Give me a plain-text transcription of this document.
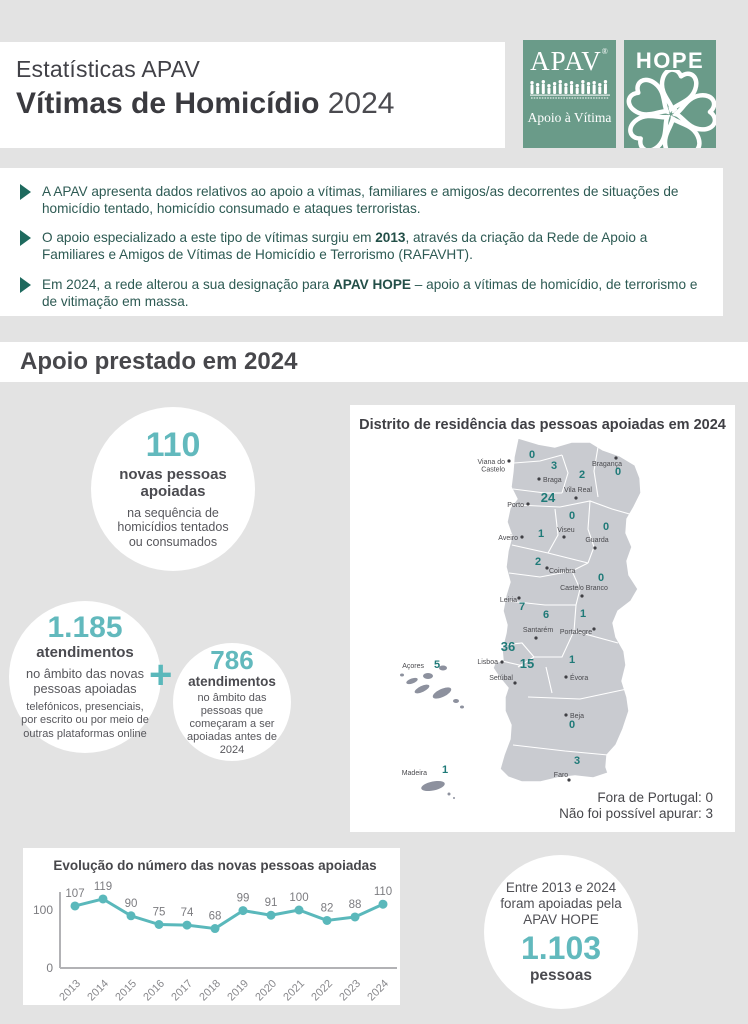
Estatísticas APAV
Vítimas de Homicídio 2024
APAV®
Apoio à Vítima
HOPE
A APAV apresenta dados relativos ao apoio a vítimas, familiares e amigos/as decorrentes de situações de homicídio tentado, homicídio consumado e ataques terroristas.
O apoio especializado a este tipo de vítimas surgiu em 2013, através da criação da Rede de Apoio a Familiares e Amigos de Vítimas de Homicídio e Terrorismo (RAFAVHT).
Em 2024, a rede alterou a sua designação para APAV HOPE – apoio a vítimas de homicídio, de terrorismo e de vitimação em massa.
Apoio prestado em 2024
110
novas pessoas apoiadas
na sequência de homicídios tentados ou consumados
1.185
atendimentos
no âmbito das novas pessoas apoiadas
telefónicos, presenciais, por escrito ou por meio de outras plataformas online
+ 786
atendimentos
no âmbito das pessoas que começaram a ser apoiadas antes de 2024
Distrito de residência das pessoas apoiadas em 2024
Viana do Castelo
0
Braga
3
Vila Real
2
Bragança
0
Porto
24
Viseu
0
Guarda
0
Aveiro 1
Coimbra
2
Castelo Branco
0
Leiria
7
Santarém
6
Portalegre
1
Lisboa
36
Setúbal
15
Évora
1
Beja
0
Faro
3
Açores 5
Madeira 1
Fora de Portugal: 0
Não foi possível apurar: 3
Evolução do número das novas pessoas apoiadas
0
100
107
2013
119
2014
90
2015
75
2016
74
2017
68
2018
99
2019
91
2020
100
2021
82
2022
88
2023
110
2024
Entre 2013 e 2024 foram apoiadas pela APAV HOPE
1.103
pessoas
